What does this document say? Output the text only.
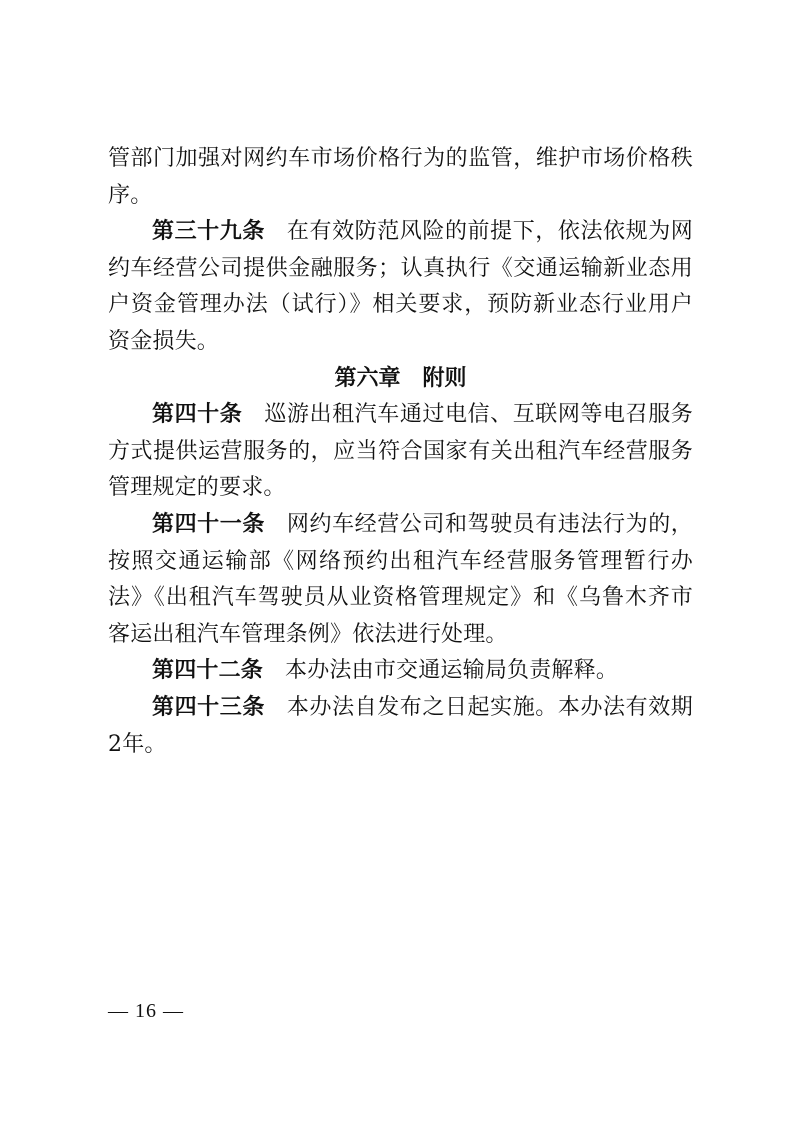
管部门加强对网约车市场价格行为的监管，维护市场价格秩序。

第三十九条 在有效防范风险的前提下，依法依规为网约车经营公司提供金融服务；认真执行《交通运输新业态用户资金管理办法（试行）》相关要求，预防新业态行业用户资金损失。

第六章 附则

第四十条 巡游出租汽车通过电信、互联网等电召服务方式提供运营服务的，应当符合国家有关出租汽车经营服务管理规定的要求。

第四十一条 网约车经营公司和驾驶员有违法行为的，按照交通运输部《网络预约出租汽车经营服务管理暂行办法》《出租汽车驾驶员从业资格管理规定》和《乌鲁木齐市客运出租汽车管理条例》依法进行处理。

第四十二条 本办法由市交通运输局负责解释。

第四十三条 本办法自发布之日起实施。本办法有效期2年。

— 16 —
